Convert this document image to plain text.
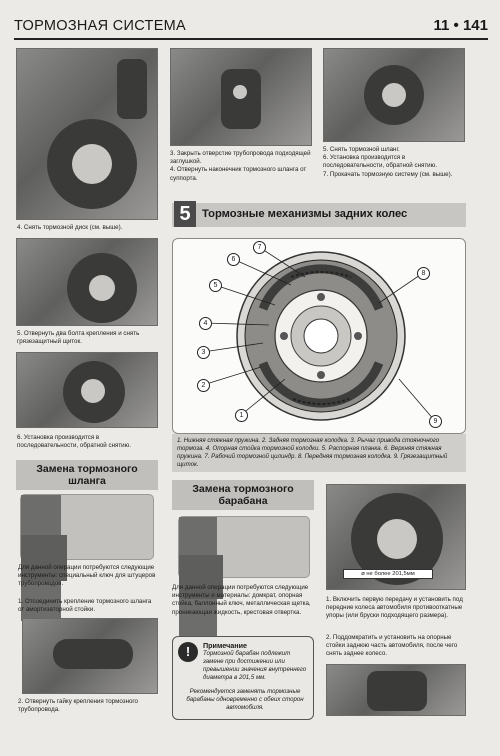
ТОРМОЗНАЯ СИСТЕМА	11 • 141
4. Снять тормозной диск (см. выше).
5. Отвернуть два болта крепления и снять грязезащитный щиток.
6. Установка производится в последовательности, обратной снятию.
Замена тормозного
шланга
Для данной операции потребуются следующие инструменты: специальный ключ для штуцеров трубопроводов.
1. Отсоединить крепление тормозного шланга от амортизаторной стойки.
2. Отвернуть гайку крепления тормозного трубопровода.
3. Закрыть отверстие трубопровода подходящей заглушкой.
4. Отвернуть наконечник тормозного шланга от суппорта.
5. Снять тормозной шланг.
6. Установка производится в последовательности, обратной снятию.
7. Прокачать тормозную систему (см. выше).
5	Тормозные механизмы задних колес
1
2
3
4
5
6
7
8
9
1. Нижняя стяжная пружина. 2. Задняя тормозная колодка. 3. Рычаг привода стояночного тормоза. 4. Опорная стойка тормозной колодки. 5. Распорная планка. 6. Верхняя стяжная пружина. 7. Рабочий тормозной цилиндр. 8. Передняя тормозная колодка. 9. Грязезащитный щиток.
Замена тормозного
барабана
Для данной операции потребуются следующие инструменты и материалы: домкрат, опорная стойка, баллонный ключ, металлическая щетка, проникающая жидкость, крестовая отвертка.
!	Примечание
Тормозной барабан подлежит замене при достижении или превышении значения внутреннего диаметра в 201,5 мм.
Рекомендуется заменять тормозные барабаны одновременно с обеих сторон автомобиля.
⌀ не более 201,5мм
1. Включить первую передачу и установить под передние колеса автомобиля противооткатные упоры (или бруски подходящего размера).
2. Поддомкратить и установить на опорные стойки заднюю часть автомобиля, после чего снять заднее колесо.
